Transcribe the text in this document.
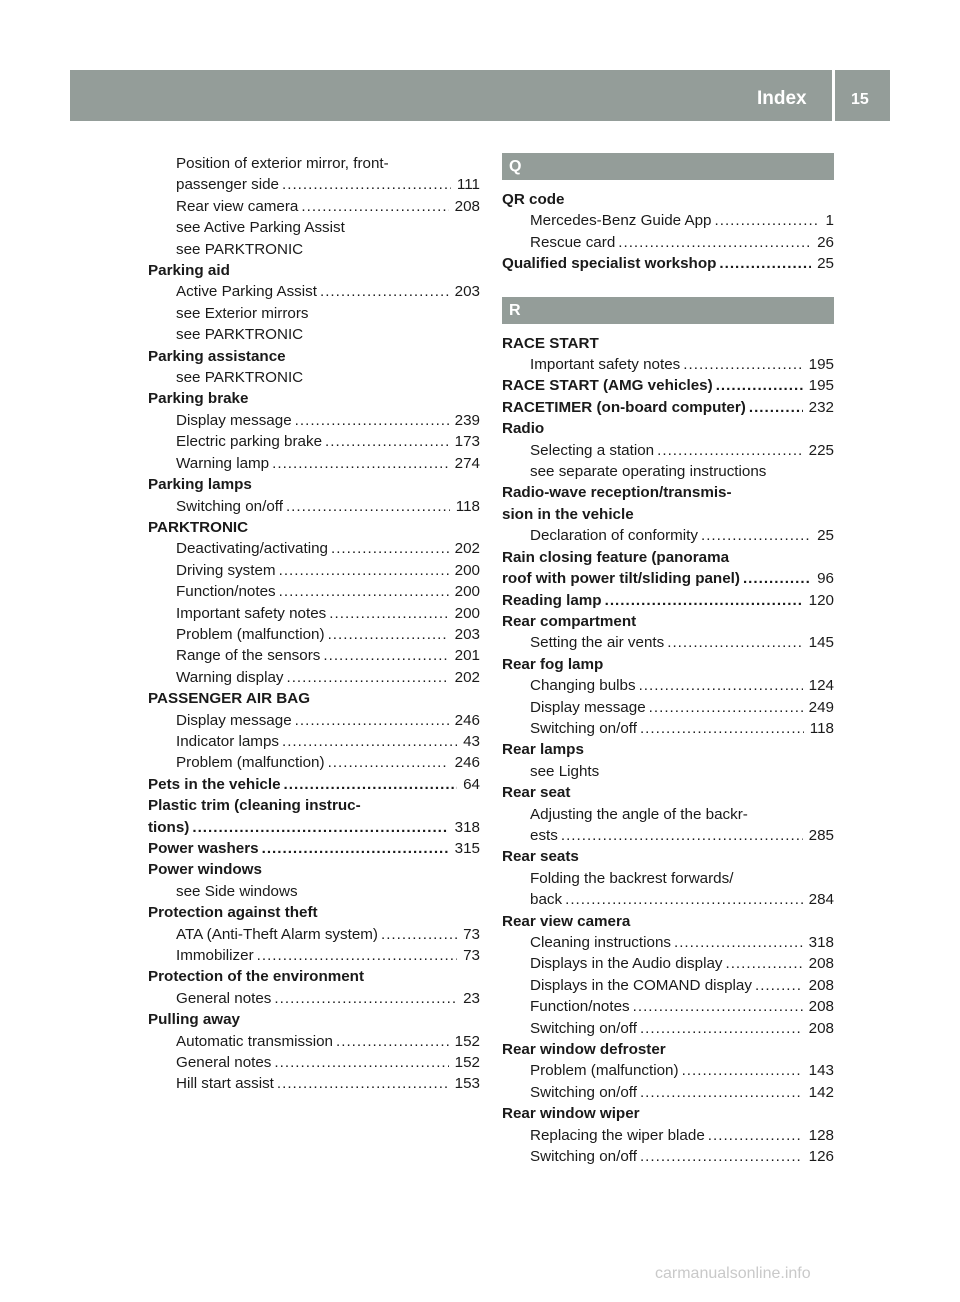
Index	15
Position of exterior mirror, front-
passenger side .....	111
Rear view camera .....	208
see Active Parking Assist
see PARKTRONIC
Parking aid
Active Parking Assist .....	203
see Exterior mirrors
see PARKTRONIC
Parking assistance
see PARKTRONIC
Parking brake
Display message .....	239
Electric parking brake .....	173
Warning lamp .....	274
Parking lamps
Switching on/off .....	118
PARKTRONIC
Deactivating/activating .....	202
Driving system .....	200
Function/notes .....	200
Important safety notes .....	200
Problem (malfunction) .....	203
Range of the sensors .....	201
Warning display .....	202
PASSENGER AIR BAG
Display message .....	246
Indicator lamps .....	43
Problem (malfunction) .....	246
Pets in the vehicle .....	64
Plastic trim (cleaning instruc-
tions) .....	318
Power washers .....	315
Power windows
see Side windows
Protection against theft
ATA (Anti-Theft Alarm system) .....	73
Immobilizer .....	73
Protection of the environment
General notes .....	23
Pulling away
Automatic transmission .....	152
General notes .....	152
Hill start assist .....	153
Q
QR code
Mercedes-Benz Guide App .....	1
Rescue card .....	26
Qualified specialist workshop .....	25
R
RACE START
Important safety notes .....	195
RACE START (AMG vehicles) .....	195
RACETIMER (on-board computer) .....	232
Radio
Selecting a station .....	225
see separate operating instructions
Radio-wave reception/transmis-
sion in the vehicle
Declaration of conformity .....	25
Rain closing feature (panorama
roof with power tilt/sliding panel) .....	96
Reading lamp .....	120
Rear compartment
Setting the air vents .....	145
Rear fog lamp
Changing bulbs .....	124
Display message .....	249
Switching on/off .....	118
Rear lamps
see Lights
Rear seat
Adjusting the angle of the backr-
ests .....	285
Rear seats
Folding the backrest forwards/
back .....	284
Rear view camera
Cleaning instructions .....	318
Displays in the Audio display .....	208
Displays in the COMAND display .....	208
Function/notes .....	208
Switching on/off .....	208
Rear window defroster
Problem (malfunction) .....	143
Switching on/off .....	142
Rear window wiper
Replacing the wiper blade .....	128
Switching on/off .....	126
carmanualsonline.info
